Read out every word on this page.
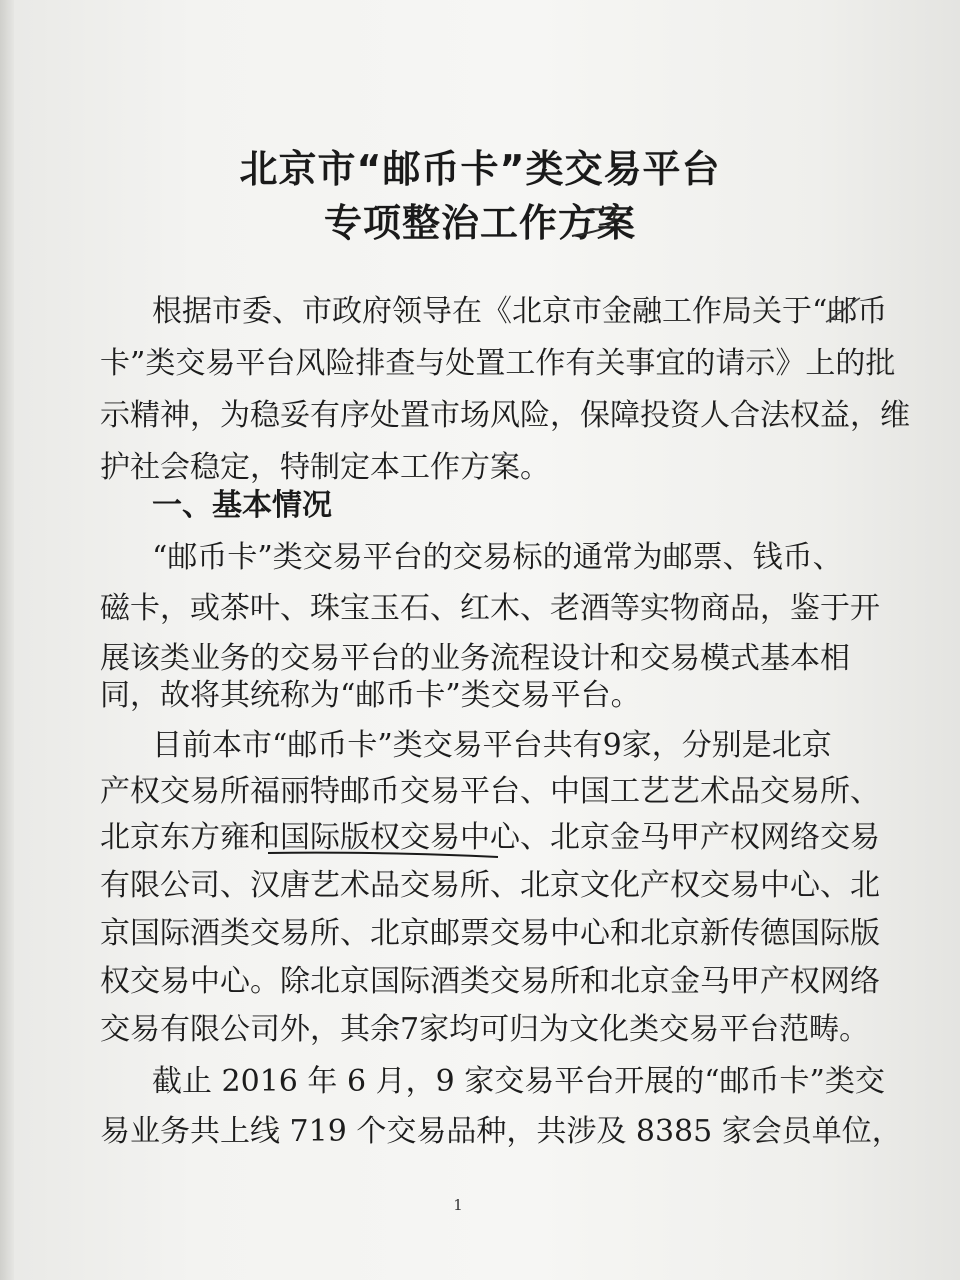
北京市“邮币卡”类交易平台
专项整治工作方案
根据市委、市政府领导在《北京市金融工作局关于“邮币
卡”类交易平台风险排查与处置工作有关事宜的请示》上的批
示精神，为稳妥有序处置市场风险，保障投资人合法权益，维
护社会稳定，特制定本工作方案。
一、基本情况
“邮币卡”类交易平台的交易标的通常为邮票、钱币、
磁卡，或茶叶、珠宝玉石、红木、老酒等实物商品，鉴于开
展该类业务的交易平台的业务流程设计和交易模式基本相
同，故将其统称为“邮币卡”类交易平台。
目前本市“邮币卡”类交易平台共有9家，分别是北京
产权交易所福丽特邮币交易平台、中国工艺艺术品交易所、
北京东方雍和国际版权交易中心、北京金马甲产权网络交易
有限公司、汉唐艺术品交易所、北京文化产权交易中心、北
京国际酒类交易所、北京邮票交易中心和北京新传德国际版
权交易中心。除北京国际酒类交易所和北京金马甲产权网络
交易有限公司外，其余7家均可归为文化类交易平台范畴。
截止 2016 年 6 月，9 家交易平台开展的“邮币卡”类交
易业务共上线 719 个交易品种，共涉及 8385 家会员单位，
1
